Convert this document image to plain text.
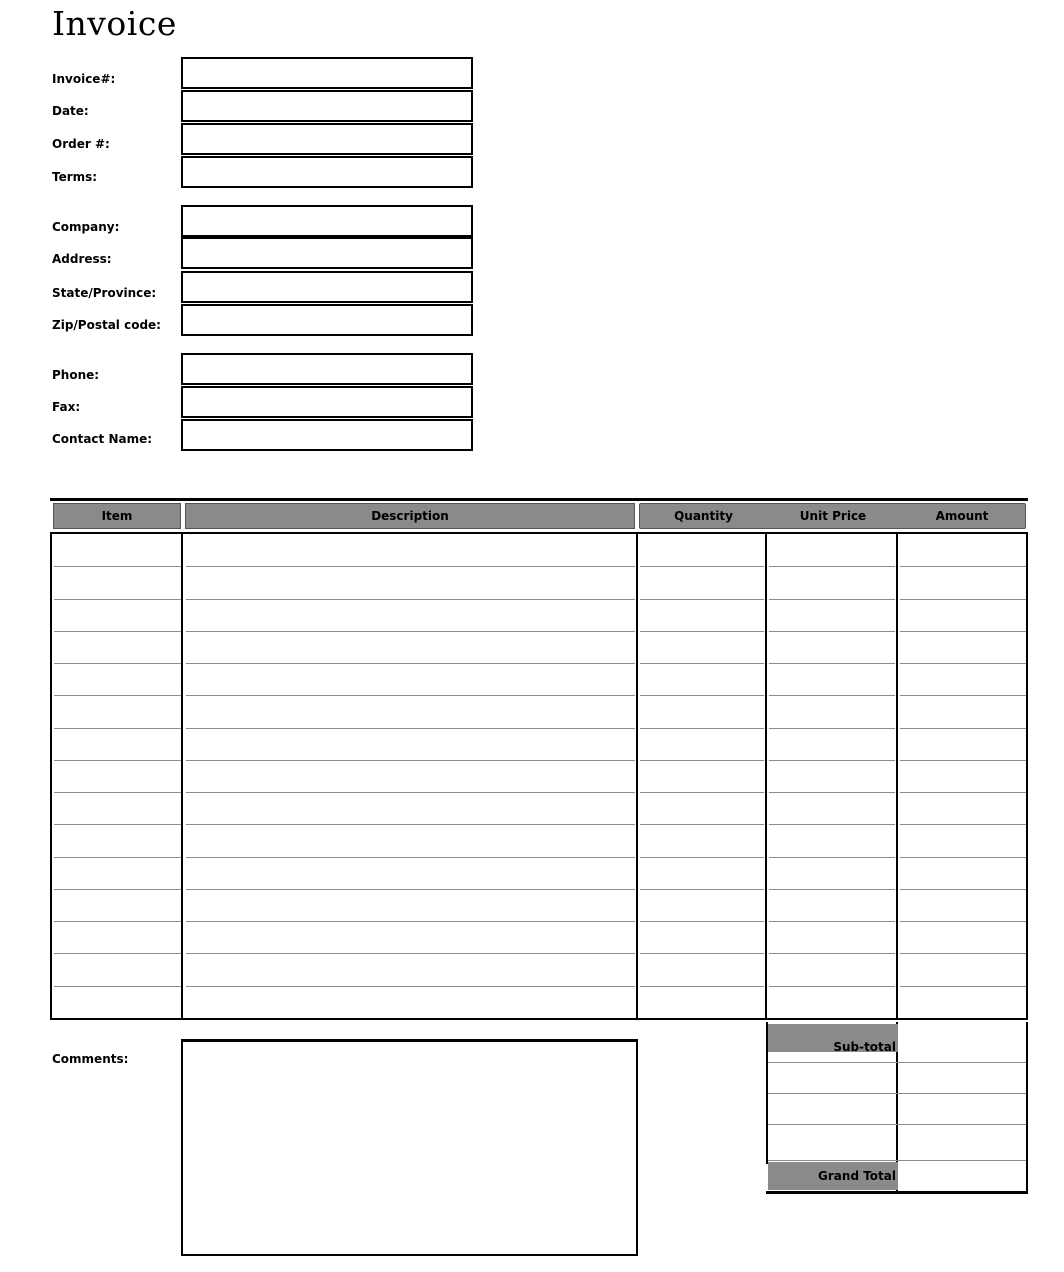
Invoice
Invoice#:
Date:
Order #:
Terms:
Company:
Address:
State/Province:
Zip/Postal code:
Phone:
Fax:
Contact Name:
Item	Description	Quantity	Unit Price	Amount
Comments:
Sub-total
Grand Total
